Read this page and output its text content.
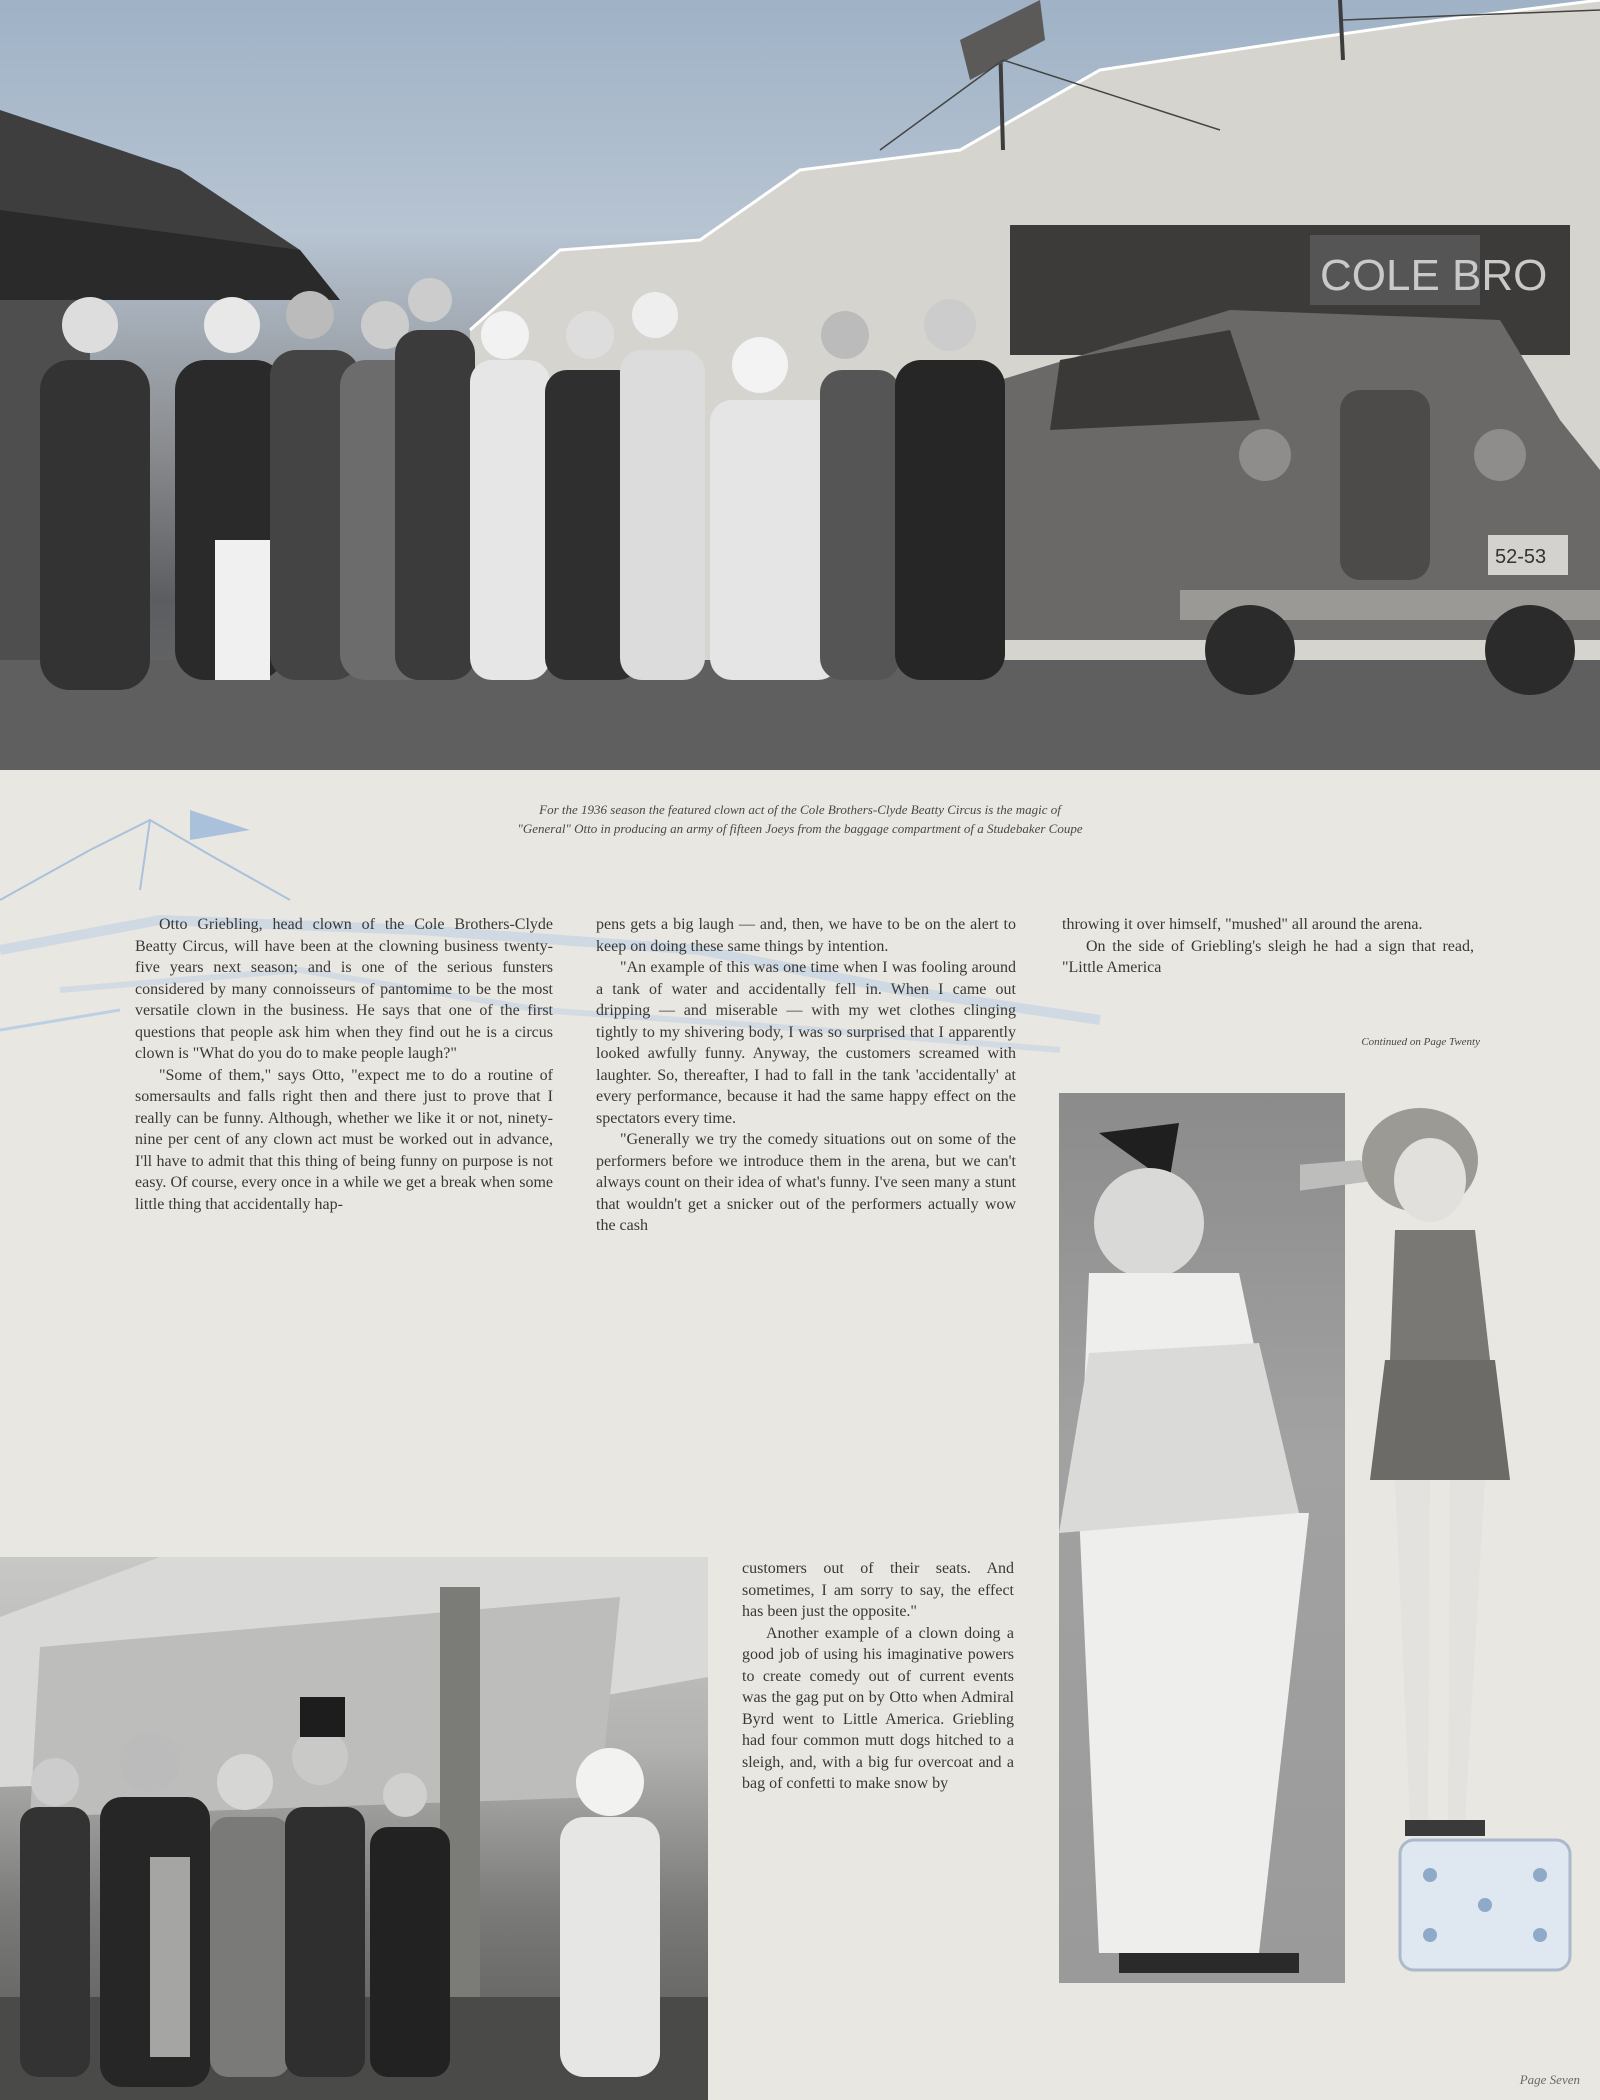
COLE BRO
52-53
For the 1936 season the featured clown act of the Cole Brothers-Clyde Beatty Circus is the magic of
"General" Otto in producing an army of fifteen Joeys from the baggage compartment of a Studebaker Coupe

Otto Griebling, head clown of the Cole Brothers-Clyde Beatty Circus, will have been at the clowning business twenty-five years next season; and is one of the serious funsters considered by many connoisseurs of pantomime to be the most versatile clown in the business. He says that one of the first questions that people ask him when they find out he is a circus clown is "What do you do to make people laugh?"

"Some of them," says Otto, "expect me to do a routine of somersaults and falls right then and there just to prove that I really can be funny. Although, whether we like it or not, ninety-nine per cent of any clown act must be worked out in advance, I'll have to admit that this thing of being funny on purpose is not easy. Of course, every once in a while we get a break when some little thing that accidentally hap-

pens gets a big laugh — and, then, we have to be on the alert to keep on doing these same things by intention.

"An example of this was one time when I was fooling around a tank of water and accidentally fell in. When I came out dripping — and miserable — with my wet clothes clinging tightly to my shivering body, I was so surprised that I apparently looked awfully funny. Anyway, the customers screamed with laughter. So, thereafter, I had to fall in the tank 'accidentally' at every performance, because it had the same happy effect on the spectators every time.

"Generally we try the comedy situations out on some of the performers before we introduce them in the arena, but we can't always count on their idea of what's funny. I've seen many a stunt that wouldn't get a snicker out of the performers actually wow the cash

customers out of their seats. And sometimes, I am sorry to say, the effect has been just the opposite."

Another example of a clown doing a good job of using his imaginative powers to create comedy out of current events was the gag put on by Otto when Admiral Byrd went to Little America. Griebling had four common mutt dogs hitched to a sleigh, and, with a big fur overcoat and a bag of confetti to make snow by

throwing it over himself, "mushed" all around the arena.

On the side of Griebling's sleigh he had a sign that read, "Little America

Continued on Page Twenty
Page Seven
